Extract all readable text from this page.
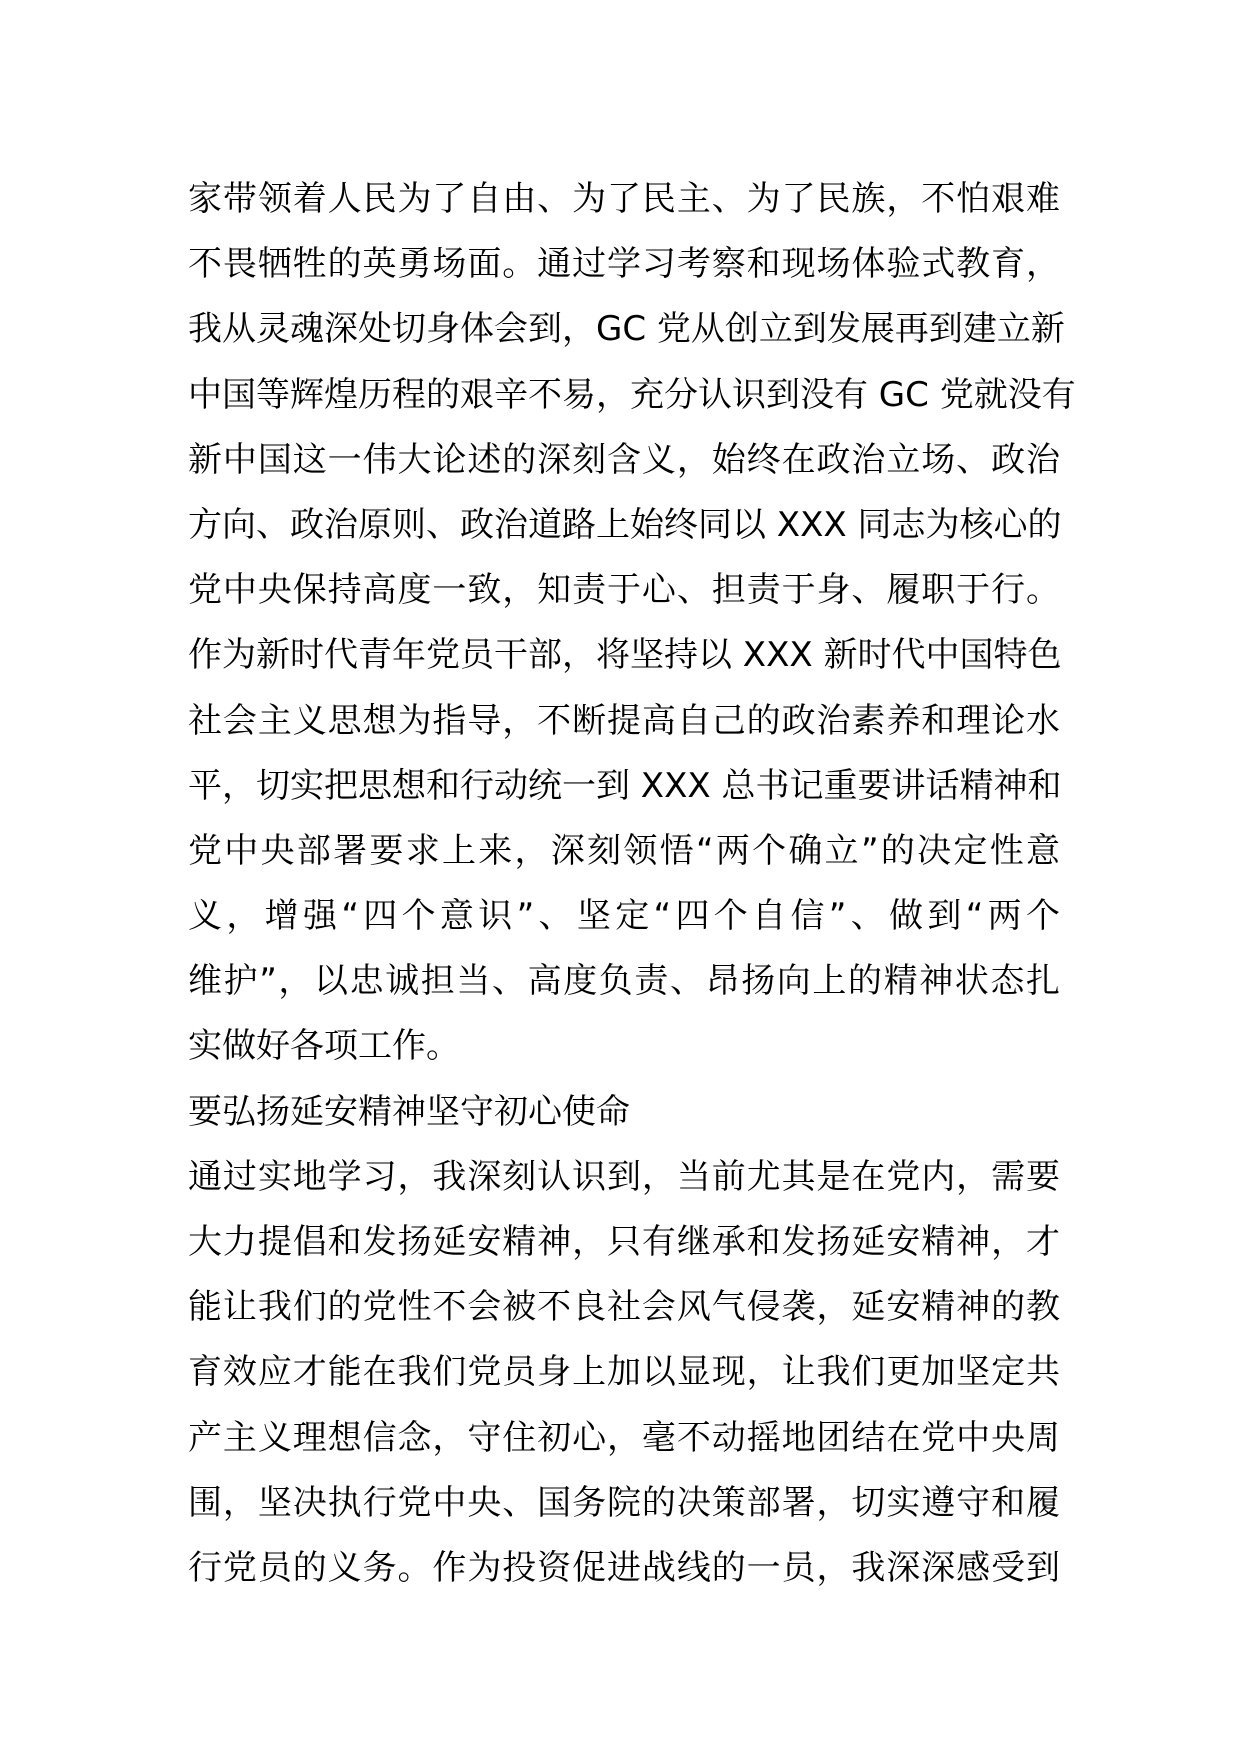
家带领着人民为了自由、为了民主、为了民族，不怕艰难
不畏牺牲的英勇场面。通过学习考察和现场体验式教育，
我从灵魂深处切身体会到，GC 党从创立到发展再到建立新
中国等辉煌历程的艰辛不易，充分认识到没有 GC 党就没有
新中国这一伟大论述的深刻含义，始终在政治立场、政治
方向、政治原则、政治道路上始终同以 XXX 同志为核心的
党中央保持高度一致，知责于心、担责于身、履职于行。
作为新时代青年党员干部，将坚持以 XXX 新时代中国特色
社会主义思想为指导，不断提高自己的政治素养和理论水
平，切实把思想和行动统一到 XXX 总书记重要讲话精神和
党中央部署要求上来，深刻领悟“两个确立”的决定性意
义，增强“四个意识”、坚定“四个自信”、做到“两个
维护”，以忠诚担当、高度负责、昂扬向上的精神状态扎
实做好各项工作。
要弘扬延安精神坚守初心使命
通过实地学习，我深刻认识到，当前尤其是在党内，需要
大力提倡和发扬延安精神，只有继承和发扬延安精神，才
能让我们的党性不会被不良社会风气侵袭，延安精神的教
育效应才能在我们党员身上加以显现，让我们更加坚定共
产主义理想信念，守住初心，毫不动摇地团结在党中央周
围，坚决执行党中央、国务院的决策部署，切实遵守和履
行党员的义务。作为投资促进战线的一员，我深深感受到
